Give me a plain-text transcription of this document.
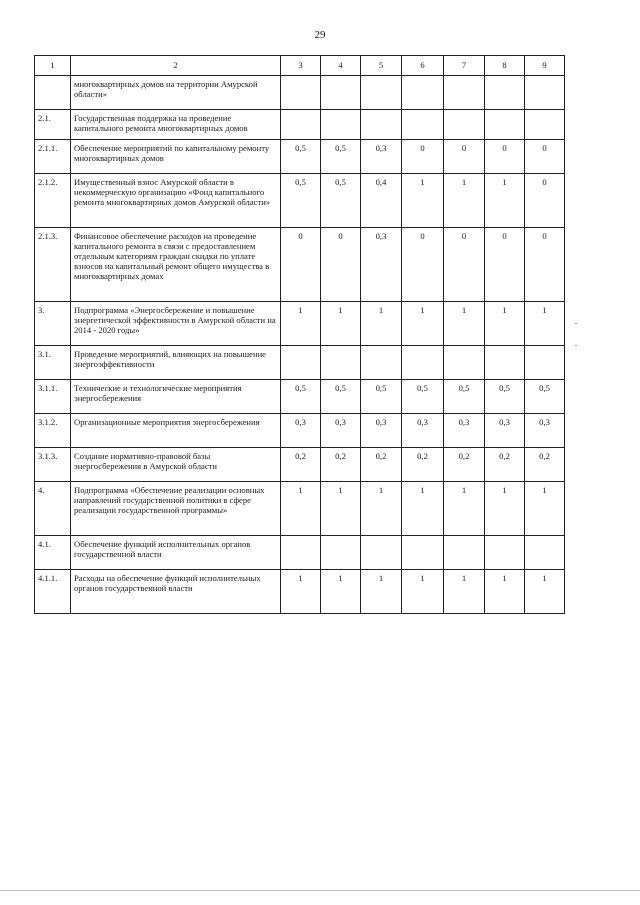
29
1	2	3	4	5	6	7	8	9
	многоквартирных домов на территории Амурской области»							
2.1.	Государственная поддержка на проведение капитального ремонта многоквартирных домов							
2.1.1.	Обеспечение мероприятий по капитальному ремонту многоквартирных домов	0,5	0,5	0,3	0	0	0	0
2.1.2.	Имущественный взнос Амурской области в некоммерческую организацию «Фонд капитального ремонта многоквартирных домов Амурской области»	0,5	0,5	0,4	1	1	1	0
2.1.3.	Финансовое обеспечение расходов на проведение капитального ремонта в связи с предоставлением отдельным категориям граждан скидки по уплате взносов на капитальный ремонт общего имущества в многоквартирных домах	0	0	0,3	0	0	0	0
3.	Подпрограмма «Энергосбережение и повышение энергетической эффективности в Амурской области на 2014 - 2020 годы»	1	1	1	1	1	1	1
3.1.	Проведение мероприятий, влияющих на повышение энергоэффективности							
3.1.1.	Технические и технологические мероприятия энергосбережения	0,5	0,5	0,5	0,5	0,5	0,5	0,5
3.1.2.	Организационные мероприятия энергосбережения	0,3	0,3	0,3	0,3	0,3	0,3	0,3
3.1.3.	Создание нормативно-правовой базы энергосбережения в Амурской области	0,2	0,2	0,2	0,2	0,2	0,2	0,2
4.	Подпрограмма «Обеспечение реализации основных направлений государственной политики в сфере реализации государственной программы»	1	1	1	1	1	1	1
4.1.	Обеспечение функций исполнительных органов государственной власти							
4.1.1.	Расходы на обеспечение функций исполнительных органов государственной власти	1	1	1	1	1	1	1
